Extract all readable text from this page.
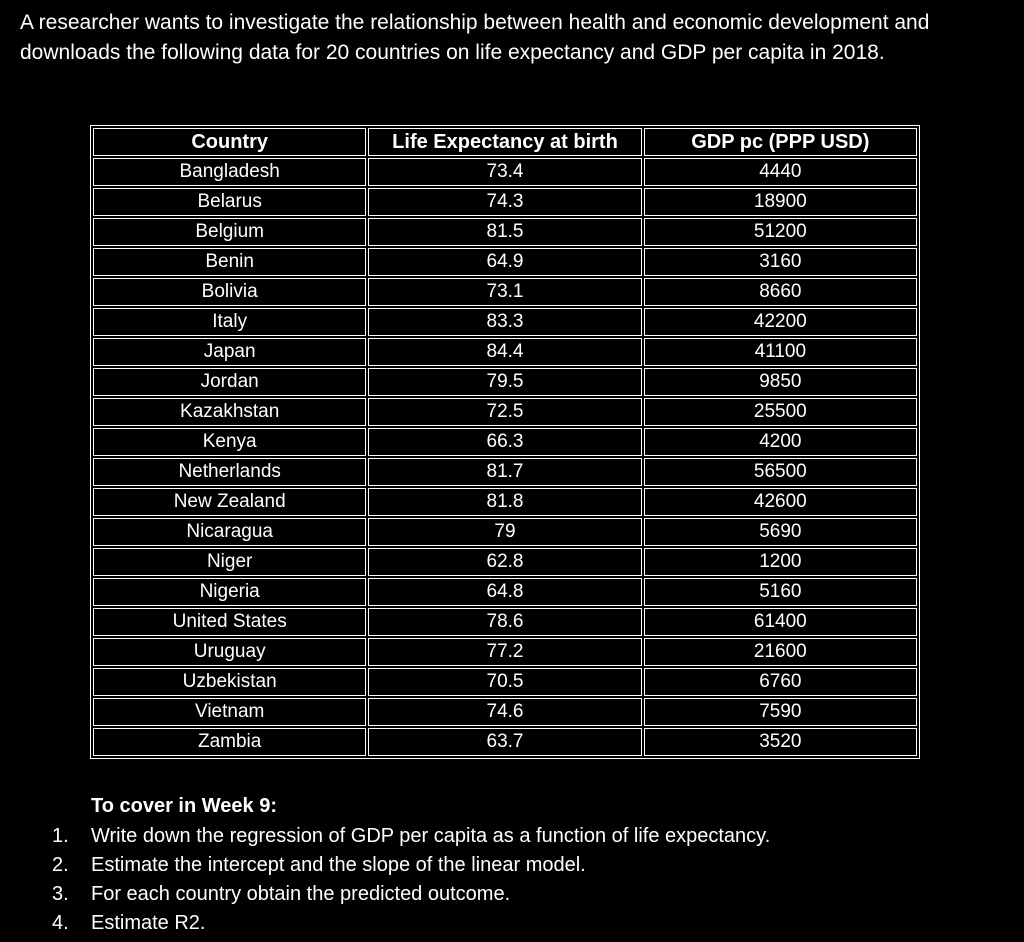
A researcher wants to investigate the relationship between health and economic development and downloads the following data for 20 countries on life expectancy and GDP per capita in 2018.

Country	Life Expectancy at birth	GDP pc (PPP USD)
Bangladesh	73.4	4440
Belarus	74.3	18900
Belgium	81.5	51200
Benin	64.9	3160
Bolivia	73.1	8660
Italy	83.3	42200
Japan	84.4	41100
Jordan	79.5	9850
Kazakhstan	72.5	25500
Kenya	66.3	4200
Netherlands	81.7	56500
New Zealand	81.8	42600
Nicaragua	79	5690
Niger	62.8	1200
Nigeria	64.8	5160
United States	78.6	61400
Uruguay	77.2	21600
Uzbekistan	70.5	6760
Vietnam	74.6	7590
Zambia	63.7	3520

To cover in Week 9:

1.	Write down the regression of GDP per capita as a function of life expectancy.
2.	Estimate the intercept and the slope of the linear model.
3.	For each country obtain the predicted outcome.
4.	Estimate R2.
